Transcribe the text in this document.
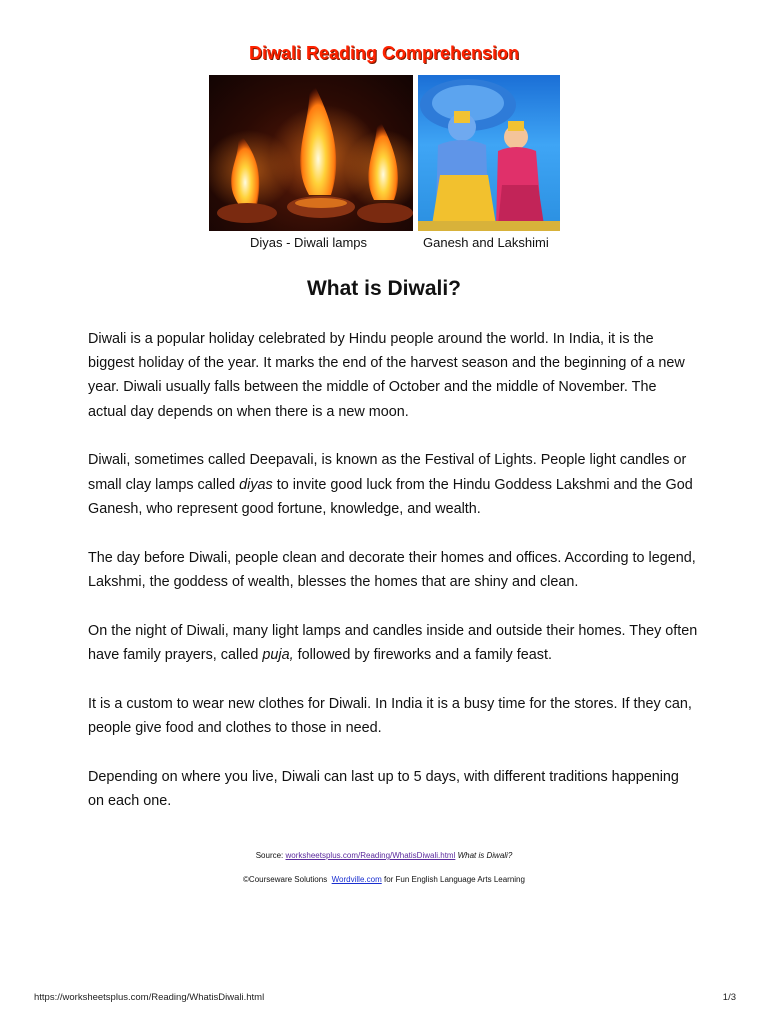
Diwali Reading Comprehension
Diyas - Diwali lamps	Ganesh and Lakshimi
What is Diwali?

Diwali is a popular holiday celebrated by Hindu people around the world. In India, it is the biggest holiday of the year. It marks the end of the harvest season and the beginning of a new year. Diwali usually falls between the middle of October and the middle of November. The actual day depends on when there is a new moon.

Diwali, sometimes called Deepavali, is known as the Festival of Lights. People light candles or small clay lamps called diyas to invite good luck from the Hindu Goddess Lakshmi and the God Ganesh, who represent good fortune, knowledge, and wealth.

The day before Diwali, people clean and decorate their homes and offices. According to legend, Lakshmi, the goddess of wealth, blesses the homes that are shiny and clean.

On the night of Diwali, many light lamps and candles inside and outside their homes. They often have family prayers, called puja, followed by fireworks and a family feast.

It is a custom to wear new clothes for Diwali. In India it is a busy time for the stores. If they can, people give food and clothes to those in need.

Depending on where you live, Diwali can last up to 5 days, with different traditions happening on each one.

Source: worksheetsplus.com/Reading/WhatisDiwali.html What is Diwali?
©Courseware Solutions Wordville.com for Fun English Language Arts Learning
https://worksheetsplus.com/Reading/WhatisDiwali.html	1/3
